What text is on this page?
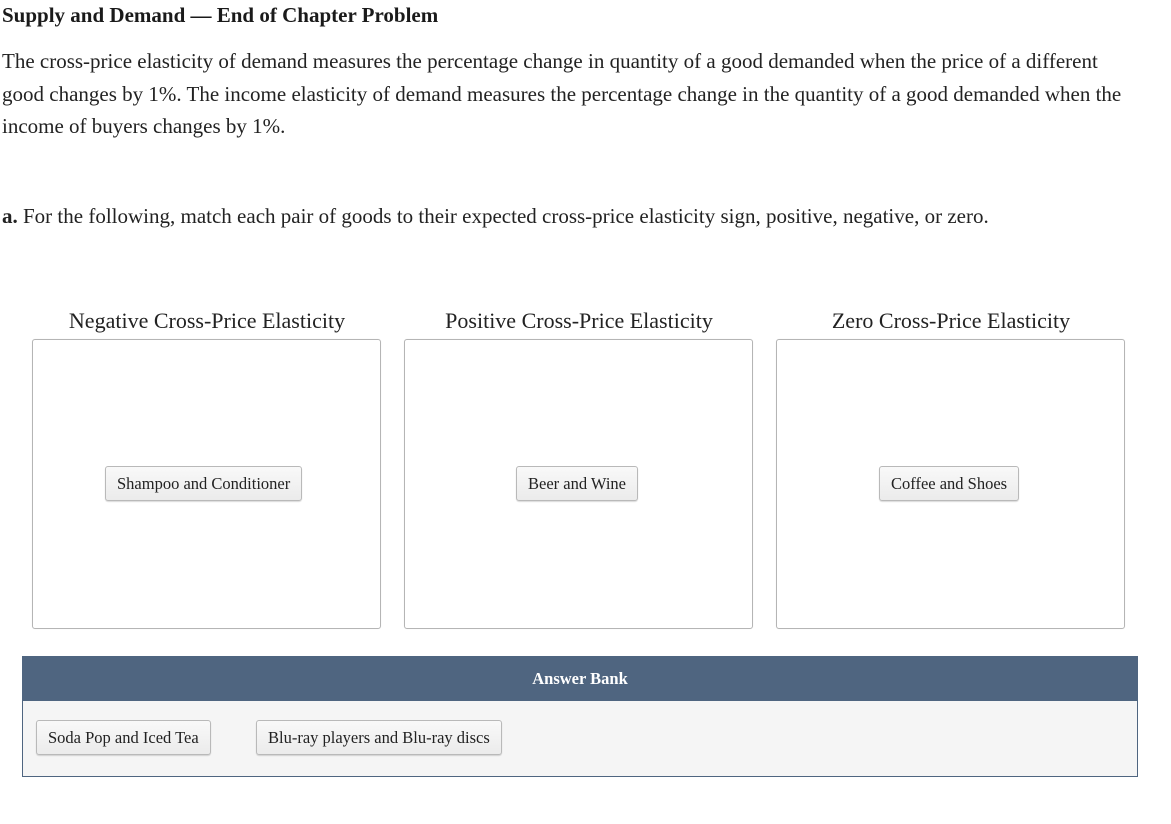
Supply and Demand — End of Chapter Problem

The cross-price elasticity of demand measures the percentage change in quantity of a good demanded when the price of a different good changes by 1%. The income elasticity of demand measures the percentage change in the quantity of a good demanded when the income of buyers changes by 1%.

a. For the following, match each pair of goods to their expected cross-price elasticity sign, positive, negative, or zero.
Negative Cross-Price Elasticity	Positive Cross-Price Elasticity	Zero Cross-Price Elasticity
Shampoo and Conditioner	Beer and Wine	Coffee and Shoes
Answer Bank
Soda Pop and Iced Tea	Blu-ray players and Blu-ray discs
